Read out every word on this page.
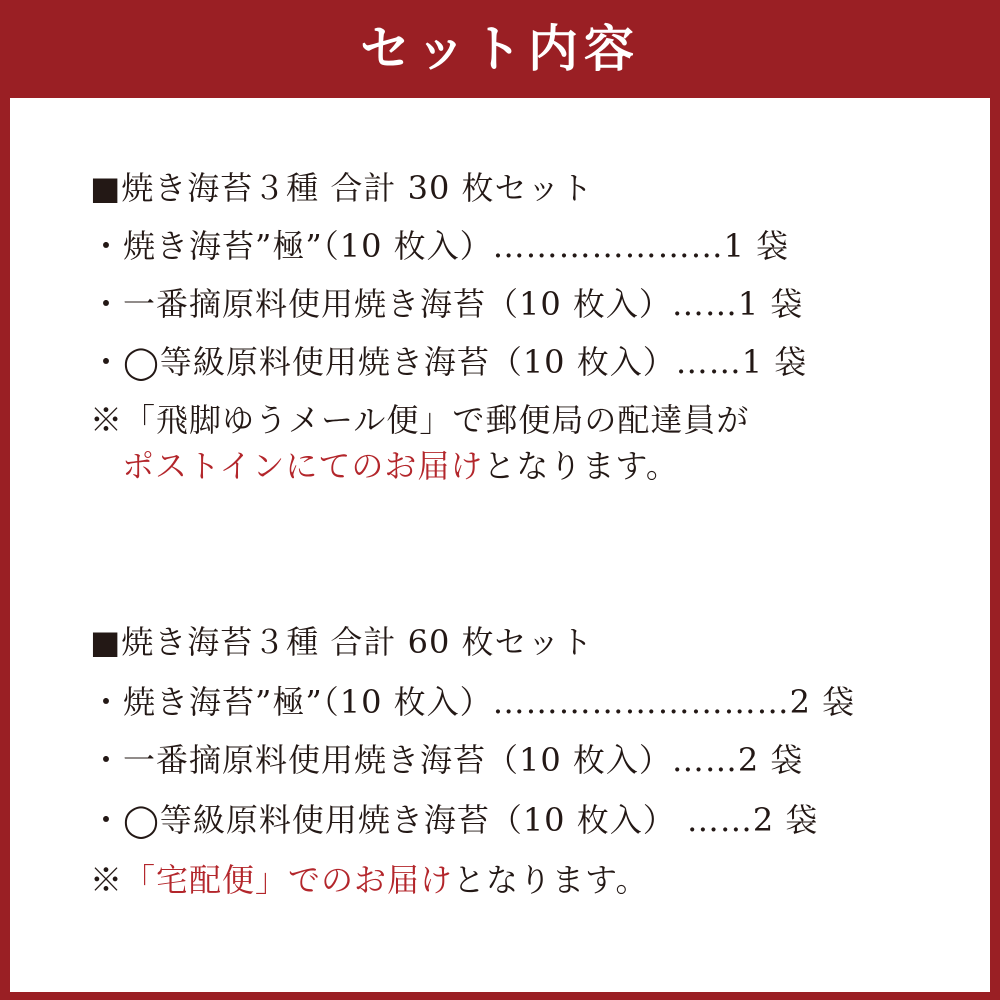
セット内容
■焼き海苔３種 合計 30 枚セット
・焼き海苔”極”（10 枚入）…………………1 袋
・一番摘原料使用焼き海苔（10 枚入）……1 袋
・◯等級原料使用焼き海苔（10 枚入）……1 袋
※「飛脚ゆうメール便」で郵便局の配達員が
ポストインにてのお届けとなります。
■焼き海苔３種 合計 60 枚セット
・焼き海苔”極”（10 枚入）………………………2 袋
・一番摘原料使用焼き海苔（10 枚入）……2 袋
・◯等級原料使用焼き海苔（10 枚入） ……2 袋
※「宅配便」でのお届けとなります。
